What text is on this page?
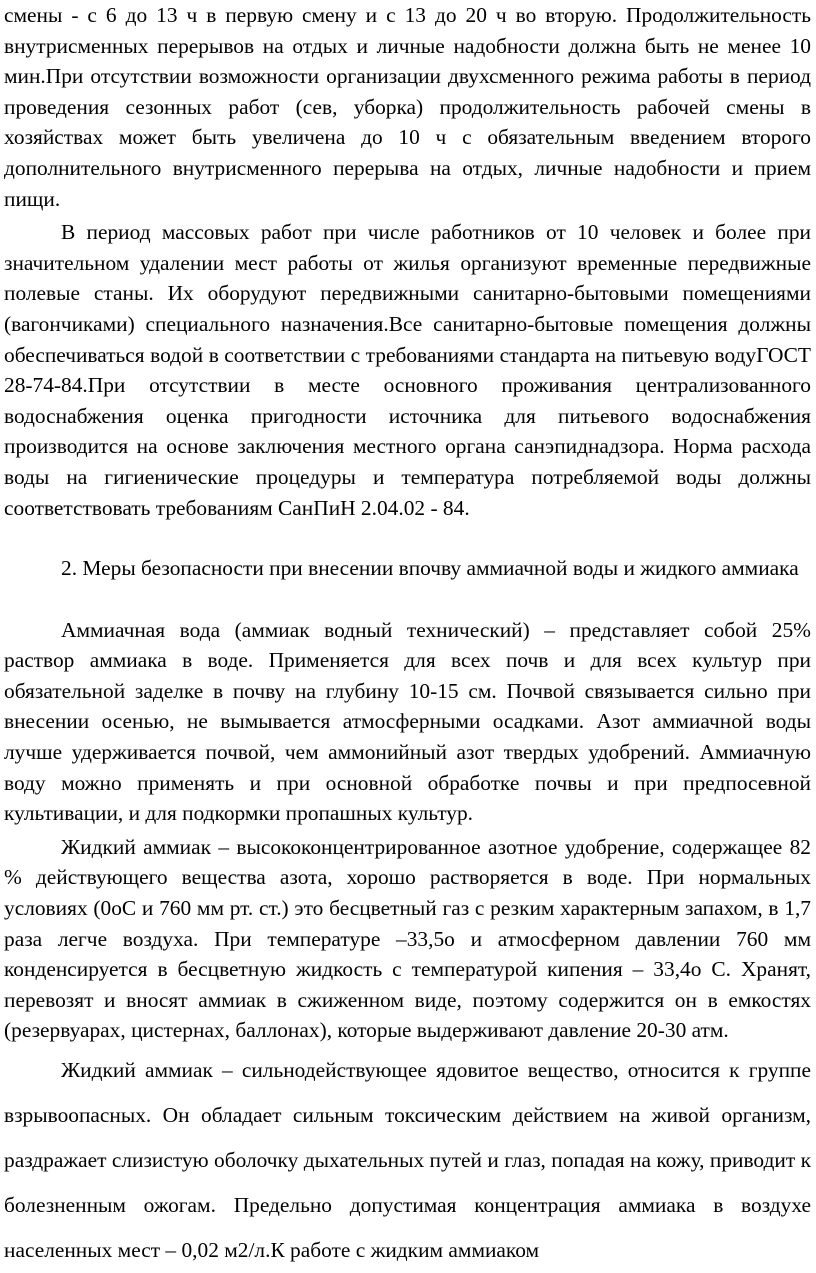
смены - с 6 до 13 ч в первую смену и с 13 до 20 ч во вторую. Продолжительность внутрисменных перерывов на отдых и личные надобности должна быть не менее 10 мин.При отсутствии возможности организации двухсменного режима работы в период проведения сезонных работ (сев, уборка) продолжительность рабочей смены в хозяйствах может быть увеличена до 10 ч с обязательным введением второго дополнительного внутрисменного перерыва на отдых, личные надобности и прием пищи.

В период массовых работ при числе работников от 10 человек и более при значительном удалении мест работы от жилья организуют временные передвижные полевые станы. Их оборудуют передвижными санитарно-бытовыми помещениями (вагончиками) специального назначения.Все санитарно-бытовые помещения должны обеспечиваться водой в соответствии с требованиями стандарта на питьевую водуГОСТ 28-74-84.При отсутствии в месте основного проживания централизованного водоснабжения оценка пригодности источника для питьевого водоснабжения производится на основе заключения местного органа санэпиднадзора. Норма расхода воды на гигиенические процедуры и температура потребляемой воды должны соответствовать требованиям СанПиН 2.04.02 - 84.

2. Меры безопасности при внесении впочву аммиачной воды и жидкого аммиака

Аммиачная вода (аммиак водный технический) – представляет собой 25% раствор аммиака в воде. Применяется для всех почв и для всех культур при обязательной заделке в почву на глубину 10-15 см. Почвой связывается сильно при внесении осенью, не вымывается атмосферными осадками. Азот аммиачной воды лучше удерживается почвой, чем аммонийный азот твердых удобрений. Аммиачную воду можно применять и при основной обработке почвы и при предпосевной культивации, и для подкормки пропашных культур.

Жидкий аммиак – высококонцентрированное азотное удобрение, содержащее 82 % действующего вещества азота, хорошо растворяется в воде. При нормальных условиях (0оС и 760 мм рт. ст.) это бесцветный газ с резким характерным запахом, в 1,7 раза легче воздуха. При температуре –33,5о и атмосферном давлении 760 мм конденсируется в бесцветную жидкость с температурой кипения – 33,4о С. Хранят, перевозят и вносят аммиак в сжиженном виде, поэтому содержится он в емкостях (резервуарах, цистернах, баллонах), которые выдерживают давление 20-30 атм.

Жидкий аммиак – сильнодействующее ядовитое вещество, относится к группе взрывоопасных. Он обладает сильным токсическим действием на живой организм, раздражает слизистую оболочку дыхательных путей и глаз, попадая на кожу, приводит к болезненным ожогам. Предельно допустимая концентрация аммиака в воздухе населенных мест – 0,02 м2/л.К работе с жидким аммиаком
